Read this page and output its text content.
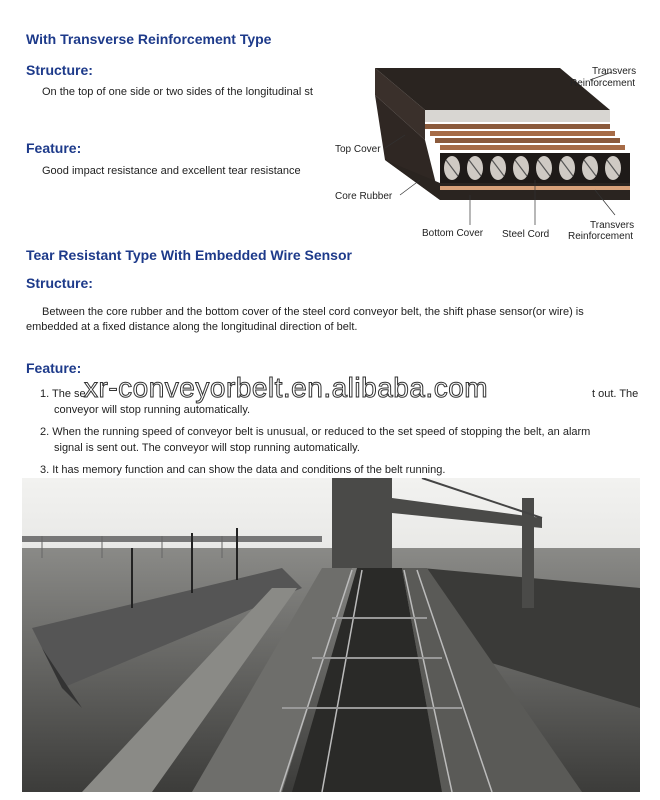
With Transverse Reinforcement Type
Structure:
On the top of one side or two sides of the longitudinal st
Feature:
Good impact resistance and excellent tear resistance
Transvers
Reinforcement
Top Cover
Core Rubber
Bottom Cover Steel Cord
Transvers
Reinforcement
Tear Resistant Type With Embedded Wire Sensor
Structure:
Between the core rubber and the bottom cover of the steel cord conveyor belt, the shift phase sensor(or wire) is
embedded at a fixed distance along the longitudinal direction of belt.
Feature:
1. The se	t out. The
conveyor will stop running automatically.
2. When the running speed of conveyor belt is unusual, or reduced to the set speed of stopping the belt, an alarm
signal is sent out. The conveyor will stop running automatically.
3. It has memory function and can show the data and conditions of the belt running.
xr-conveyorbelt.en.alibaba.com
